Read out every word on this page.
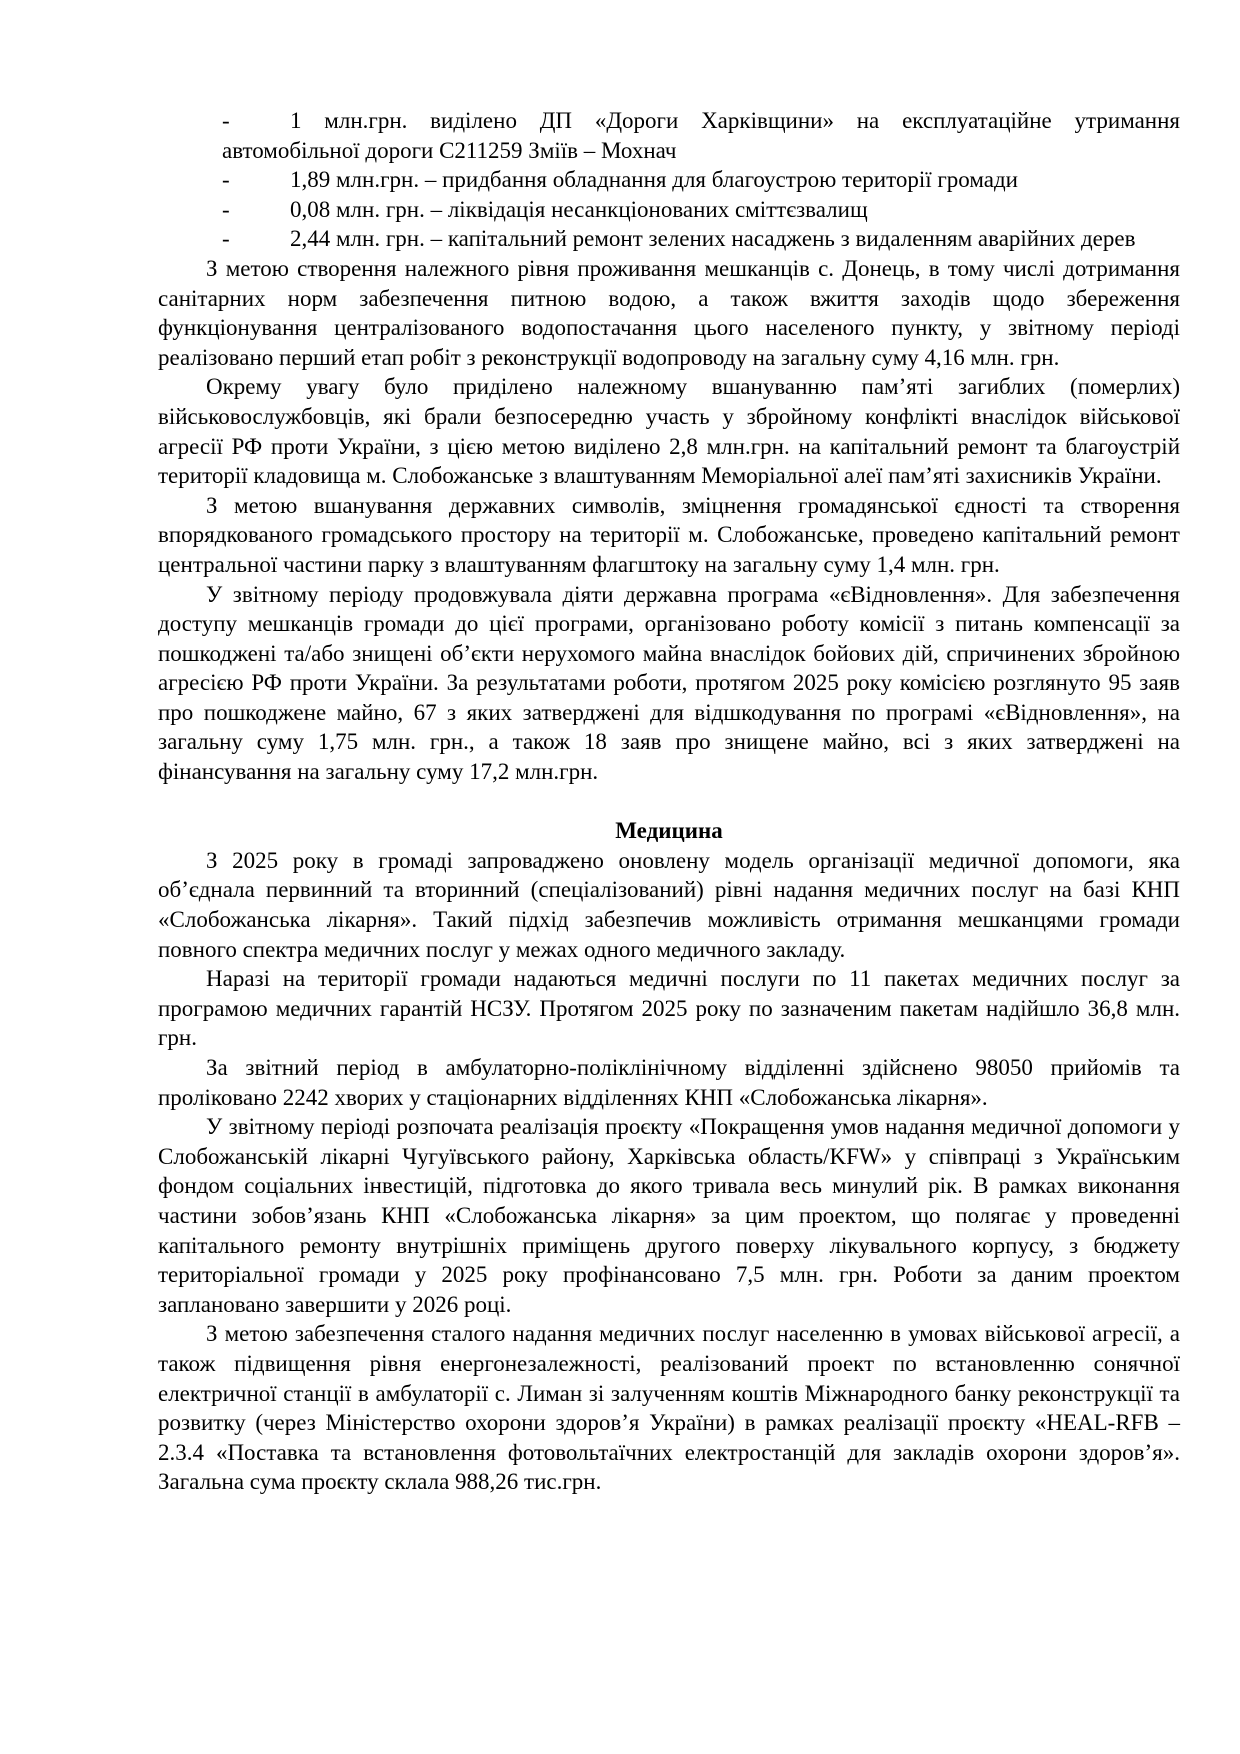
-	1 млн.грн. виділено ДП «Дороги Харківщини» на експлуатаційне утримання автомобільної дороги С211259 Зміїв – Мохнач

-	1,89 млн.грн. – придбання обладнання для благоустрою території громади

-	0,08 млн. грн. – ліквідація несанкціонованих сміттєзвалищ

-	2,44 млн. грн. – капітальний ремонт зелених насаджень з видаленням аварійних дерев

З метою створення належного рівня проживання мешканців с. Донець, в тому числі дотримання санітарних норм забезпечення питною водою, а також вжиття заходів щодо збереження функціонування централізованого водопостачання цього населеного пункту, у звітному періоді реалізовано перший етап робіт з реконструкції водопроводу на загальну суму 4,16 млн. грн.

Окрему увагу було приділено належному вшануванню пам’яті загиблих (померлих) військовослужбовців, які брали безпосередню участь у збройному конфлікті внаслідок військової агресії РФ проти України, з цією метою виділено 2,8 млн.грн. на капітальний ремонт та благоустрій території кладовища м. Слобожанське з влаштуванням Меморіальної алеї пам’яті захисників України.

З метою вшанування державних символів, зміцнення громадянської єдності та створення впорядкованого громадського простору на території м. Слобожанське, проведено капітальний ремонт центральної частини парку з влаштуванням флагштоку на загальну суму 1,4 млн. грн.

У звітному періоду продовжувала діяти державна програма «єВідновлення». Для забезпечення доступу мешканців громади до цієї програми, організовано роботу комісії з питань компенсації за пошкоджені та/або знищені об’єкти нерухомого майна внаслідок бойових дій, спричинених збройною агресією РФ проти України. За результатами роботи, протягом 2025 року комісією розглянуто 95 заяв про пошкоджене майно, 67 з яких затверджені для відшкодування по програмі «єВідновлення», на загальну суму 1,75 млн. грн., а також 18 заяв про знищене майно, всі з яких затверджені на фінансування на загальну суму 17,2 млн.грн.

Медицина

З 2025 року в громаді запроваджено оновлену модель організації медичної допомоги, яка об’єднала первинний та вторинний (спеціалізований) рівні надання медичних послуг на базі КНП «Слобожанська лікарня». Такий підхід забезпечив можливість отримання мешканцями громади повного спектра медичних послуг у межах одного медичного закладу.

Наразі на території громади надаються медичні послуги по 11 пакетах медичних послуг за програмою медичних гарантій НСЗУ. Протягом 2025 року по зазначеним пакетам надійшло 36,8 млн. грн.

За звітний період в амбулаторно-поліклінічному відділенні здійснено 98050 прийомів та проліковано 2242 хворих у стаціонарних відділеннях КНП «Слобожанська лікарня».

У звітному періоді розпочата реалізація проєкту «Покращення умов надання медичної допомоги у Слобожанській лікарні Чугуївського району, Харківська область/KFW» у співпраці з Українським фондом соціальних інвестицій, підготовка до якого тривала весь минулий рік. В рамках виконання частини зобов’язань КНП «Слобожанська лікарня» за цим проектом, що полягає у проведенні капітального ремонту внутрішніх приміщень другого поверху лікувального корпусу, з бюджету територіальної громади у 2025 року профінансовано 7,5 млн. грн. Роботи за даним проектом заплановано завершити у 2026 році.

З метою забезпечення сталого надання медичних послуг населенню в умовах військової агресії, а також підвищення рівня енергонезалежності, реалізований проект по встановленню сонячної електричної станції в амбулаторії с. Лиман зі залученням коштів Міжнародного банку реконструкції та розвитку (через Міністерство охорони здоров’я України) в рамках реалізації проєкту «HEAL-RFB – 2.3.4 «Поставка та встановлення фотовольтаїчних електростанцій для закладів охорони здоров’я». Загальна сума проєкту склала 988,26 тис.грн.
